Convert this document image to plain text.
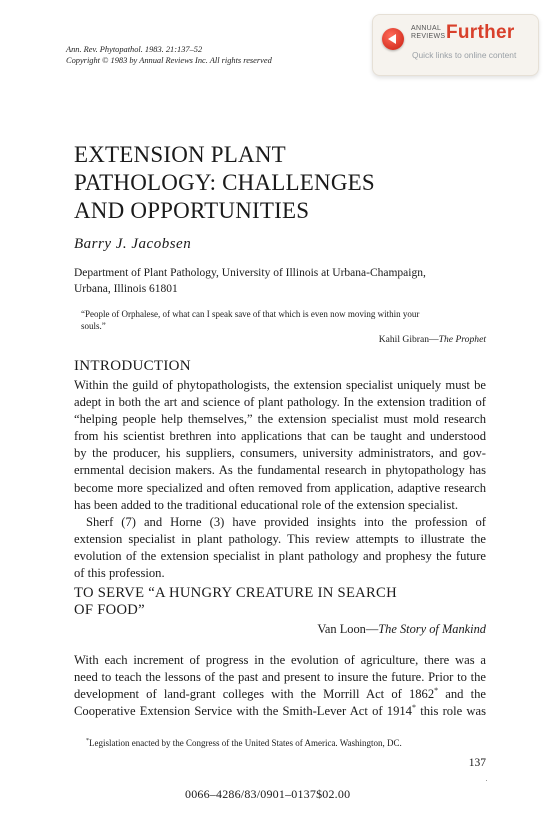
Ann. Rev. Phytopathol. 1983. 21:137–52
Copyright © 1983 by Annual Reviews Inc. All rights reserved
ANNUAL
REVIEWS Further
Quick links to online content
EXTENSION PLANT
PATHOLOGY: CHALLENGES
AND OPPORTUNITIES
Barry J. Jacobsen
Department of Plant Pathology, University of Illinois at Urbana-Champaign,
Urbana, Illinois 61801
“People of Orphalese, of what can I speak save of that which is even now moving within your
souls.”
Kahil Gibran—The Prophet
INTRODUCTION
Within the guild of phytopathologists, the extension specialist uniquely must be
adept in both the art and science of plant pathology. In the extension tradition of
“helping people help themselves,” the extension specialist must mold research
from his scientist brethren into applications that can be taught and understood
by the producer, his suppliers, consumers, university administrators, and gov-
ernmental decision makers. As the fundamental research in phytopathology has
become more specialized and often removed from application, adaptive research
has been added to the traditional educational role of the extension specialist.
Sherf (7) and Horne (3) have provided insights into the profession of
extension specialist in plant pathology. This review attempts to illustrate the
evolution of the extension specialist in plant pathology and prophesy the future
of this profession.
TO SERVE “A HUNGRY CREATURE IN SEARCH
OF FOOD”
Van Loon—The Story of Mankind
With each increment of progress in the evolution of agriculture, there was a
need to teach the lessons of the past and present to insure the future. Prior to the
development of land-grant colleges with the Morrill Act of 1862* and the
Cooperative Extension Service with the Smith-Lever Act of 1914* this role was
*Legislation enacted by the Congress of the United States of America. Washington, DC.
137
0066–4286/83/0901–0137$02.00
